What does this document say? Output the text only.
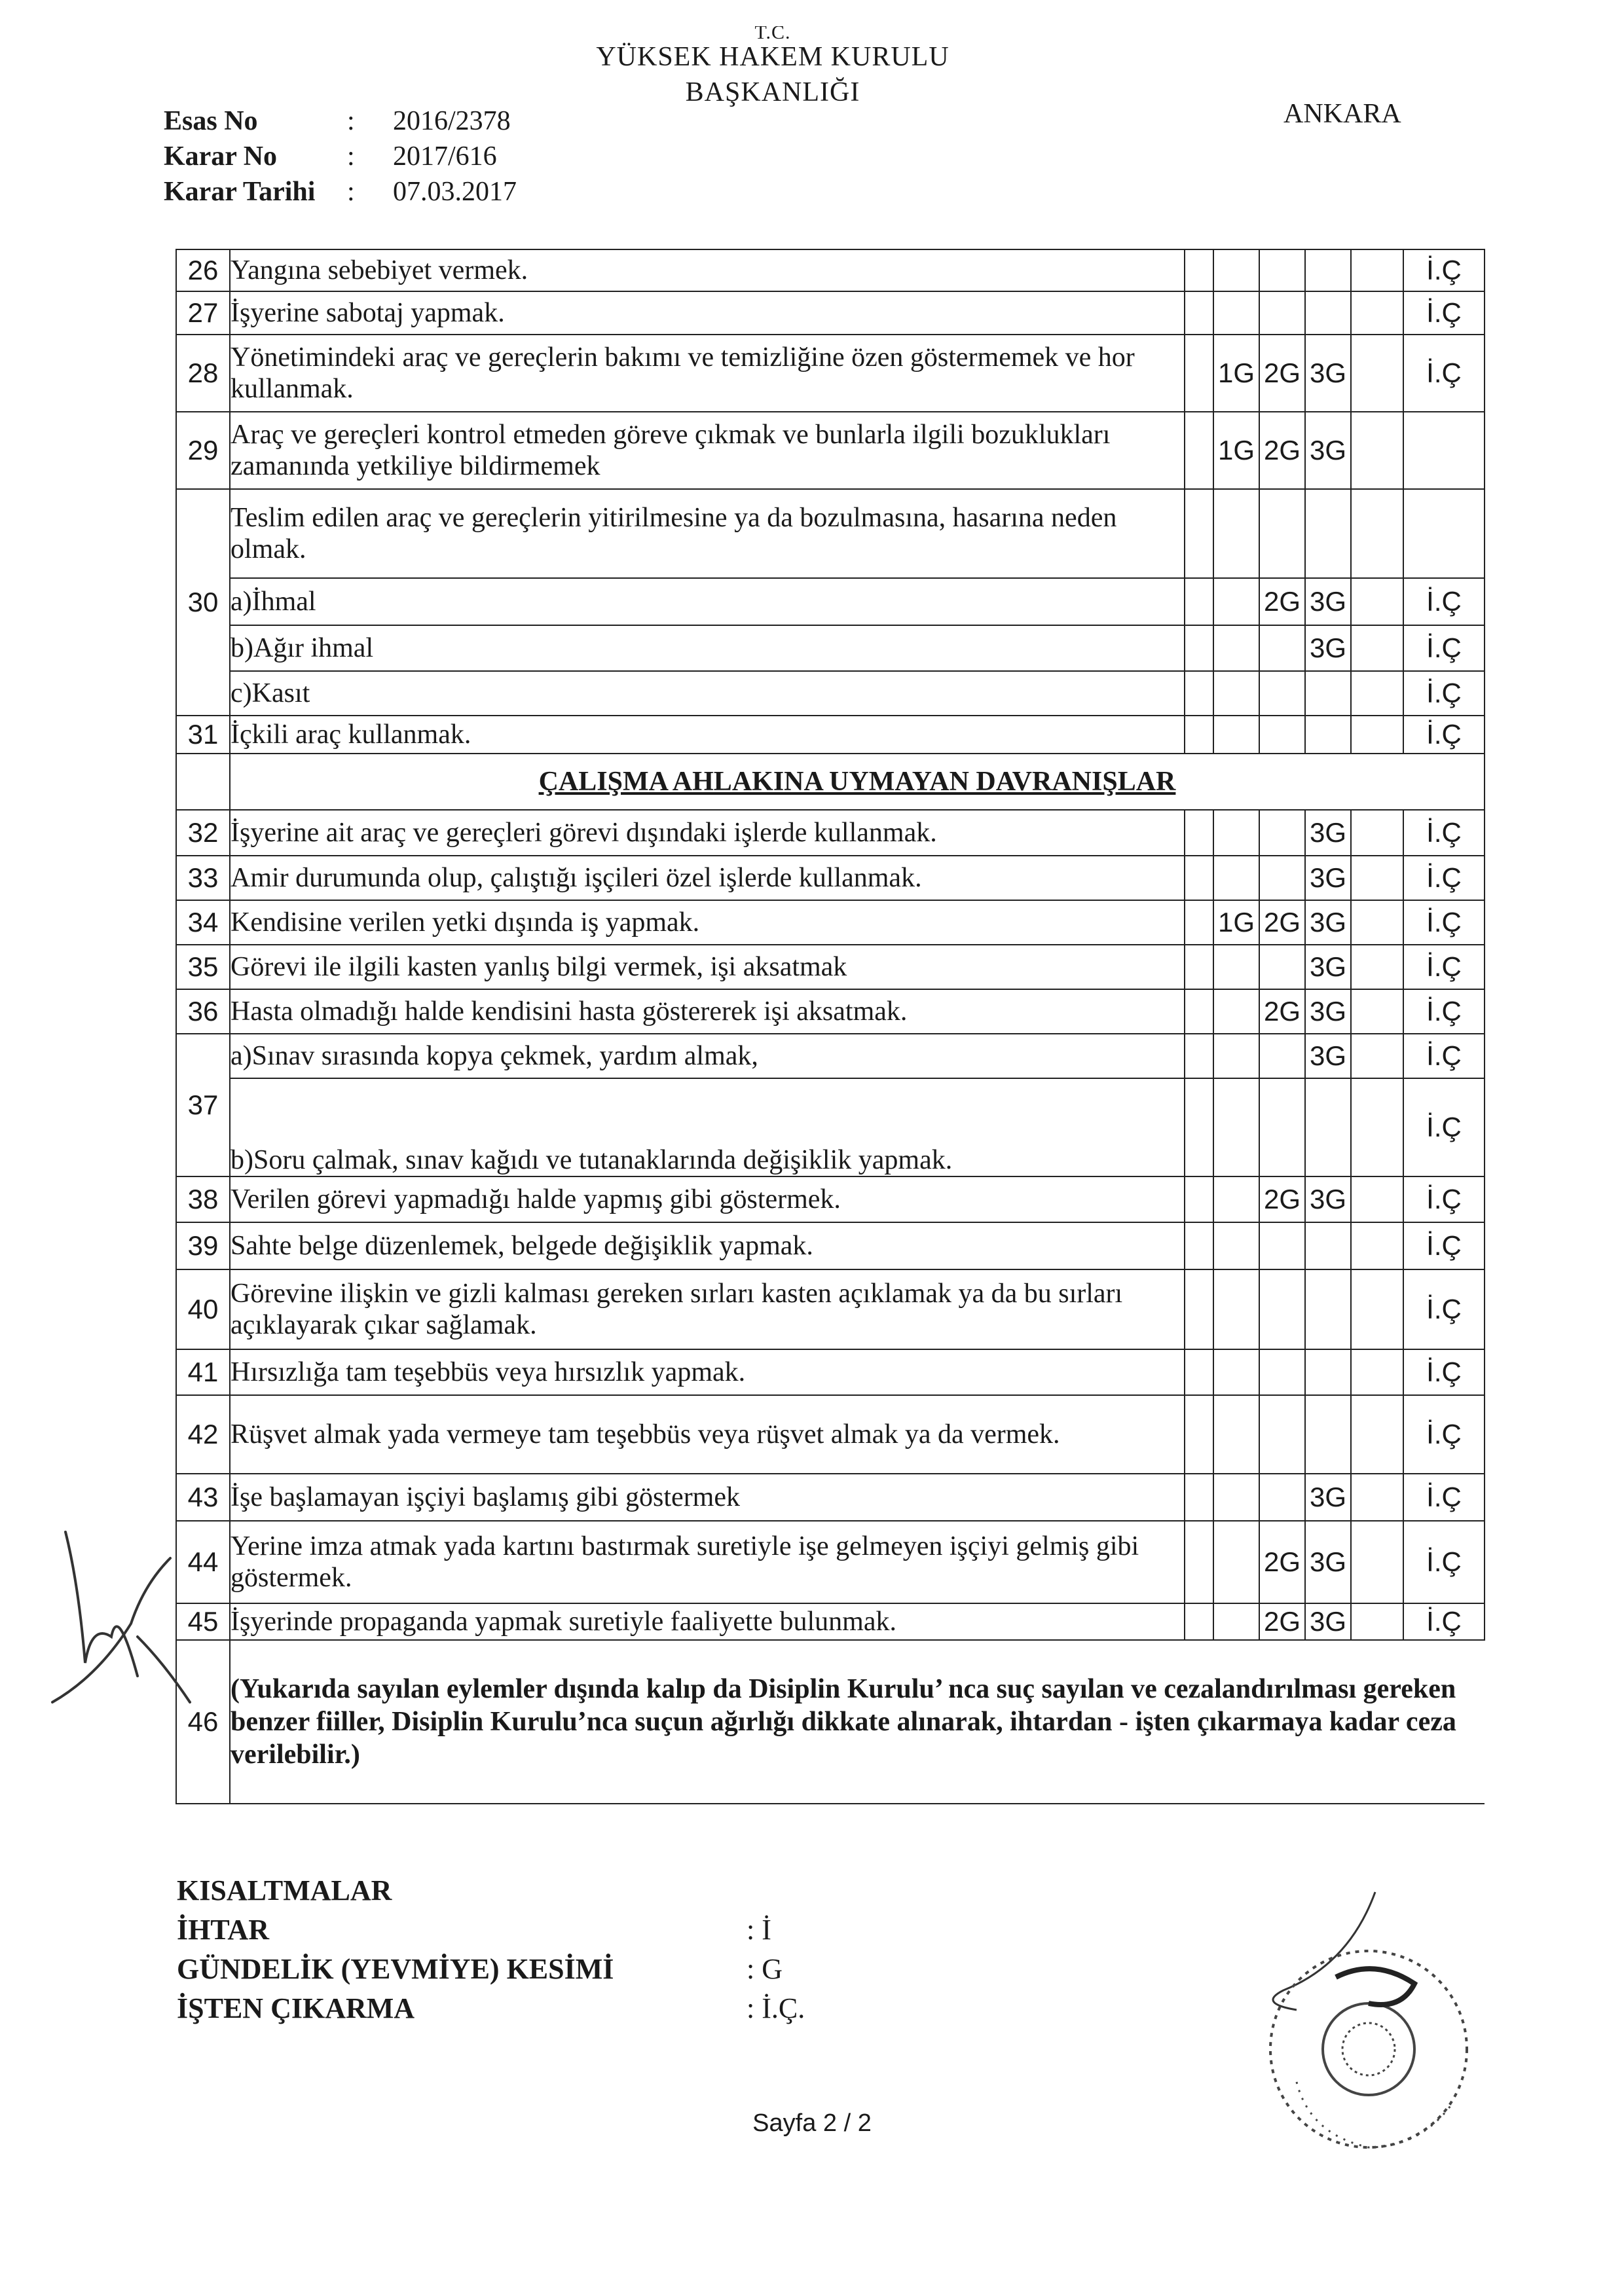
T.C.
YÜKSEK HAKEM KURULU
BAŞKANLIĞI
ANKARA
Esas No	:	2016/2378
Karar No	:	2017/616
Karar Tarihi	:	07.03.2017
26	Yangına sebebiyet vermek.						İ.Ç
27	İşyerine sabotaj yapmak.						İ.Ç
28	Yönetimindeki araç ve gereçlerin bakımı ve temizliğine özen göstermemek ve hor kullanmak.		1G	2G	3G		İ.Ç
29	Araç ve gereçleri kontrol etmeden göreve çıkmak ve bunlarla ilgili bozuklukları zamanında yetkiliye bildirmemek		1G	2G	3G		
30	Teslim edilen araç ve gereçlerin yitirilmesine ya da bozulmasına, hasarına neden olmak.						
	a)İhmal			2G	3G		İ.Ç
	b)Ağır ihmal				3G		İ.Ç
	c)Kasıt						İ.Ç
31	İçkili araç kullanmak.						İ.Ç
	ÇALIŞMA AHLAKINA UYMAYAN DAVRANIŞLAR						
32	İşyerine ait araç ve gereçleri görevi dışındaki işlerde kullanmak.				3G		İ.Ç
33	Amir durumunda olup, çalıştığı işçileri özel işlerde kullanmak.				3G		İ.Ç
34	Kendisine verilen yetki dışında iş yapmak.		1G	2G	3G		İ.Ç
35	Görevi ile ilgili kasten yanlış bilgi vermek, işi aksatmak				3G		İ.Ç
36	Hasta olmadığı halde kendisini hasta göstererek işi aksatmak.			2G	3G		İ.Ç
37	a)Sınav sırasında kopya çekmek, yardım almak,				3G		İ.Ç
	b)Soru çalmak, sınav kağıdı ve tutanaklarında değişiklik yapmak.						İ.Ç
38	Verilen görevi yapmadığı halde yapmış gibi göstermek.			2G	3G		İ.Ç
39	Sahte belge düzenlemek, belgede değişiklik yapmak.						İ.Ç
40	Görevine ilişkin ve gizli kalması gereken sırları kasten açıklamak ya da bu sırları açıklayarak çıkar sağlamak.						İ.Ç
41	Hırsızlığa tam teşebbüs veya hırsızlık yapmak.						İ.Ç
42	Rüşvet almak yada vermeye tam teşebbüs veya rüşvet almak ya da vermek.						İ.Ç
43	İşe başlamayan işçiyi başlamış gibi göstermek				3G		İ.Ç
44	Yerine imza atmak yada kartını bastırmak suretiyle işe gelmeyen işçiyi gelmiş gibi göstermek.			2G	3G		İ.Ç
45	İşyerinde propaganda yapmak suretiyle faaliyette bulunmak.			2G	3G		İ.Ç
46	(Yukarıda sayılan eylemler dışında kalıp da Disiplin Kurulu’ nca suç sayılan ve cezalandırılması gereken benzer fiiller, Disiplin Kurulu’nca suçun ağırlığı dikkate alınarak, ihtardan - işten çıkarmaya kadar ceza verilebilir.)						
KISALTMALAR
İHTAR	: İ
GÜNDELİK (YEVMİYE) KESİMİ	: G
İŞTEN ÇIKARMA	: İ.Ç.
Sayfa 2 / 2
